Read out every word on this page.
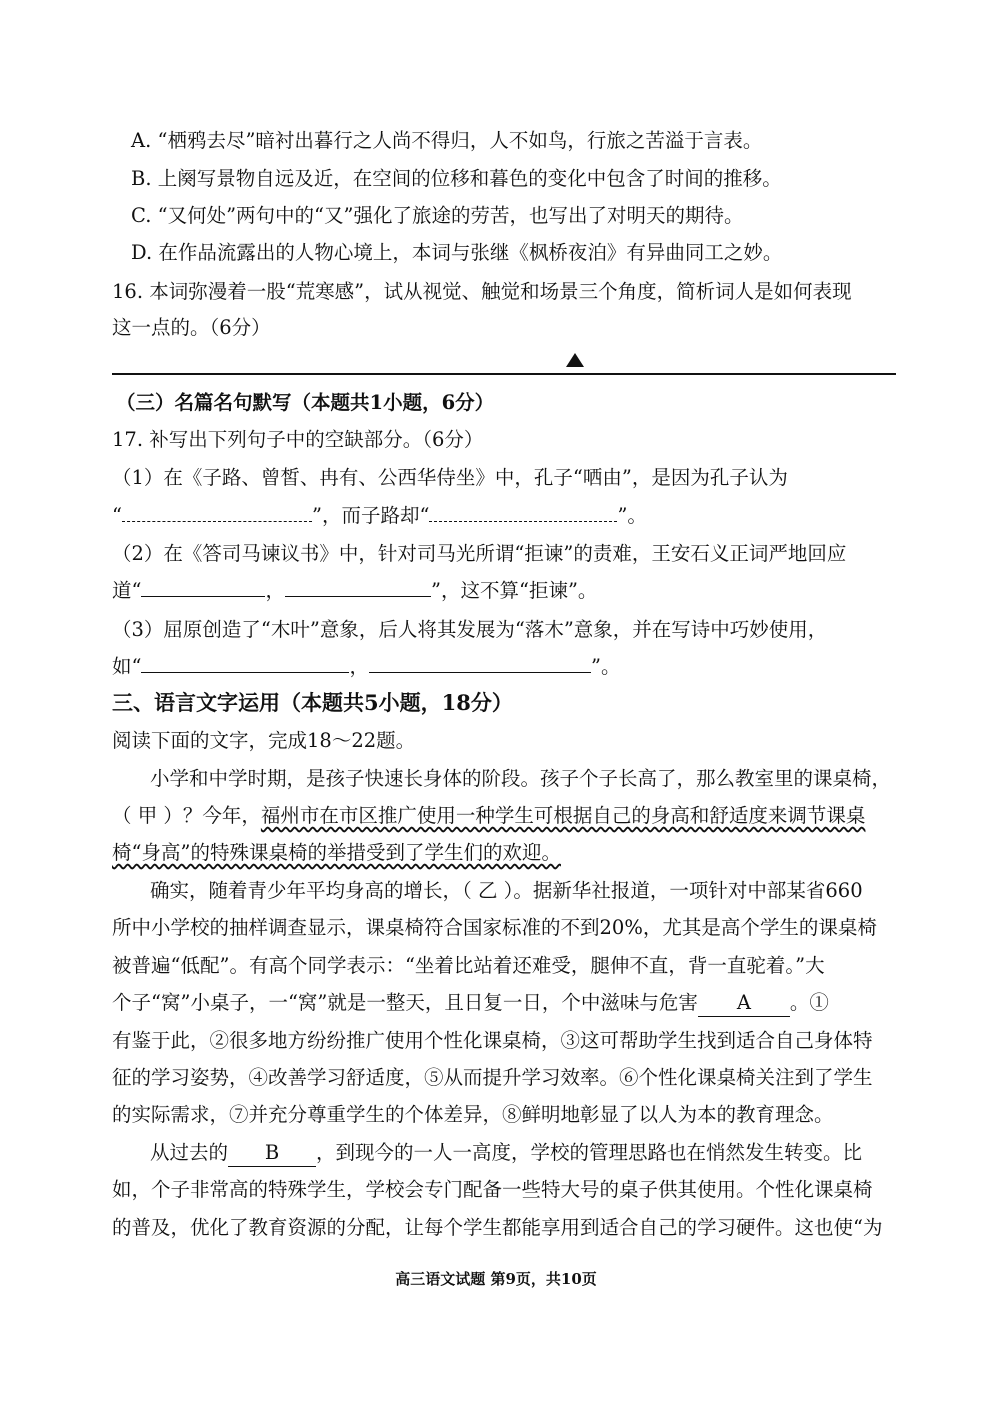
A. “栖鸦去尽”暗衬出暮行之人尚不得归，人不如鸟，行旅之苦溢于言表。
B. 上阕写景物自远及近，在空间的位移和暮色的变化中包含了时间的推移。
C. “又何处”两句中的“又”强化了旅途的劳苦，也写出了对明天的期待。
D. 在作品流露出的人物心境上，本词与张继《枫桥夜泊》有异曲同工之妙。
16. 本词弥漫着一股“荒寒感”，试从视觉、触觉和场景三个角度，简析词人是如何表现
这一点的。（6分）
（三）名篇名句默写（本题共1小题，6分）
17. 补写出下列句子中的空缺部分。（6分）
（1）在《子路、曾皙、冉有、公西华侍坐》中，孔子“哂由”，是因为孔子认为
“	”，而子路却“	”。
（2）在《答司马谏议书》中，针对司马光所谓“拒谏”的责难，王安石义正词严地回应
道“	，	”，这不算“拒谏”。
（3）屈原创造了“木叶”意象，后人将其发展为“落木”意象，并在写诗中巧妙使用，
如“	，	”。
三、语言文字运用（本题共5小题，18分）
阅读下面的文字，完成18～22题。
小学和中学时期，是孩子快速长身体的阶段。孩子个子长高了，那么教室里的课桌椅，
（ 甲 ）？今年，福州市在市区推广使用一种学生可根据自己的身高和舒适度来调节课桌
椅“身高”的特殊课桌椅的举措受到了学生们的欢迎。
确实，随着青少年平均身高的增长，（ 乙 ）。据新华社报道，一项针对中部某省660
所中小学校的抽样调查显示，课桌椅符合国家标准的不到20%，尤其是高个学生的课桌椅
被普遍“低配”。有高个同学表示：“坐着比站着还难受，腿伸不直，背一直驼着。”大
个子“窝”小桌子，一“窝”就是一整天，且日复一日，个中滋味与危害 A 。①
有鉴于此，②很多地方纷纷推广使用个性化课桌椅，③这可帮助学生找到适合自己身体特
征的学习姿势，④改善学习舒适度，⑤从而提升学习效率。⑥个性化课桌椅关注到了学生
的实际需求，⑦并充分尊重学生的个体差异，⑧鲜明地彰显了以人为本的教育理念。
从过去的 B ，到现今的一人一高度，学校的管理思路也在悄然发生转变。比
如，个子非常高的特殊学生，学校会专门配备一些特大号的桌子供其使用。个性化课桌椅
的普及，优化了教育资源的分配，让每个学生都能享用到适合自己的学习硬件。这也使“为
高三语文试题 第9页，共10页
